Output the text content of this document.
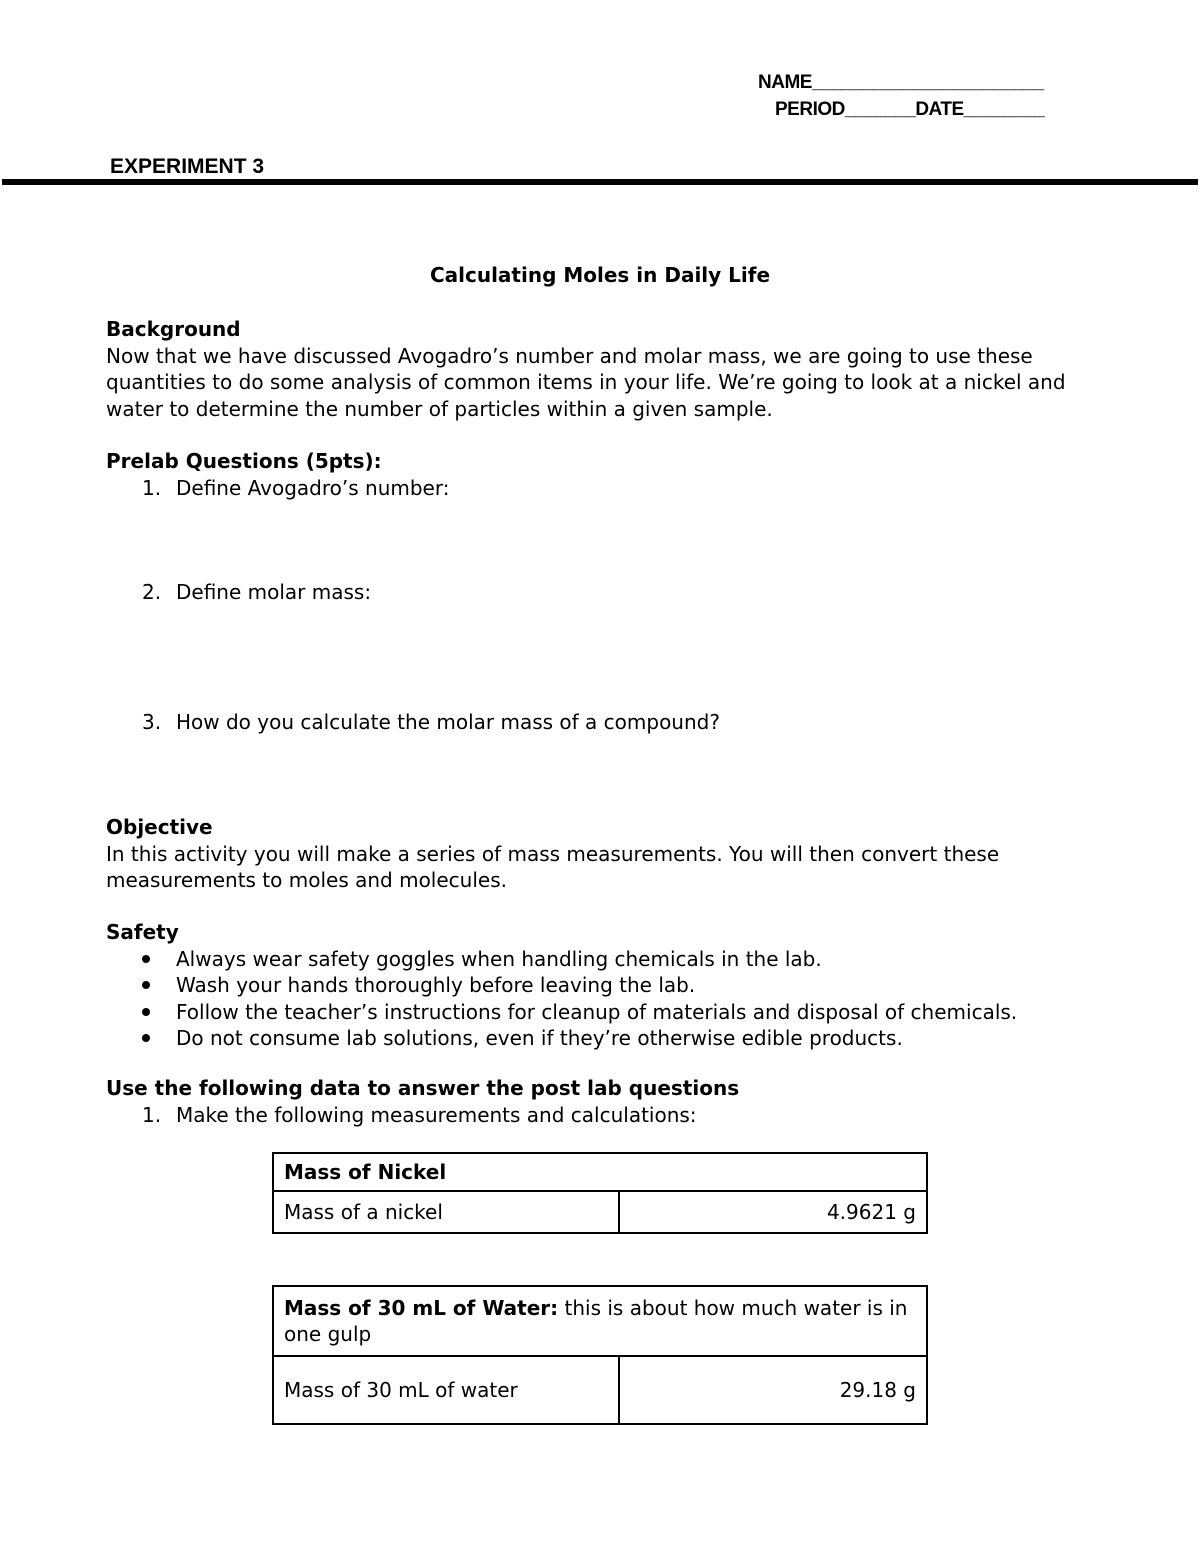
NAME_______________________
PERIOD_______DATE________
EXPERIMENT 3
Calculating Moles in Daily Life
Background

Now that we have discussed Avogadro’s number and molar mass, we are going to use these quantities to do some analysis of common items in your life. We’re going to look at a nickel and water to determine the number of particles within a given sample.

Prelab Questions (5pts):
1. Define Avogadro’s number:
2. Define molar mass:
3. How do you calculate the molar mass of a compound?
Objective

In this activity you will make a series of mass measurements. You will then convert these measurements to moles and molecules.

Safety
Always wear safety goggles when handling chemicals in the lab.
Wash your hands thoroughly before leaving the lab.
Follow the teacher’s instructions for cleanup of materials and disposal of chemicals.
Do not consume lab solutions, even if they’re otherwise edible products.
Use the following data to answer the post lab questions
1. Make the following measurements and calculations:
Mass of Nickel
Mass of a nickel	4.9621 g
Mass of 30 mL of Water: this is about how much water is in one gulp
Mass of 30 mL of water	29.18 g
